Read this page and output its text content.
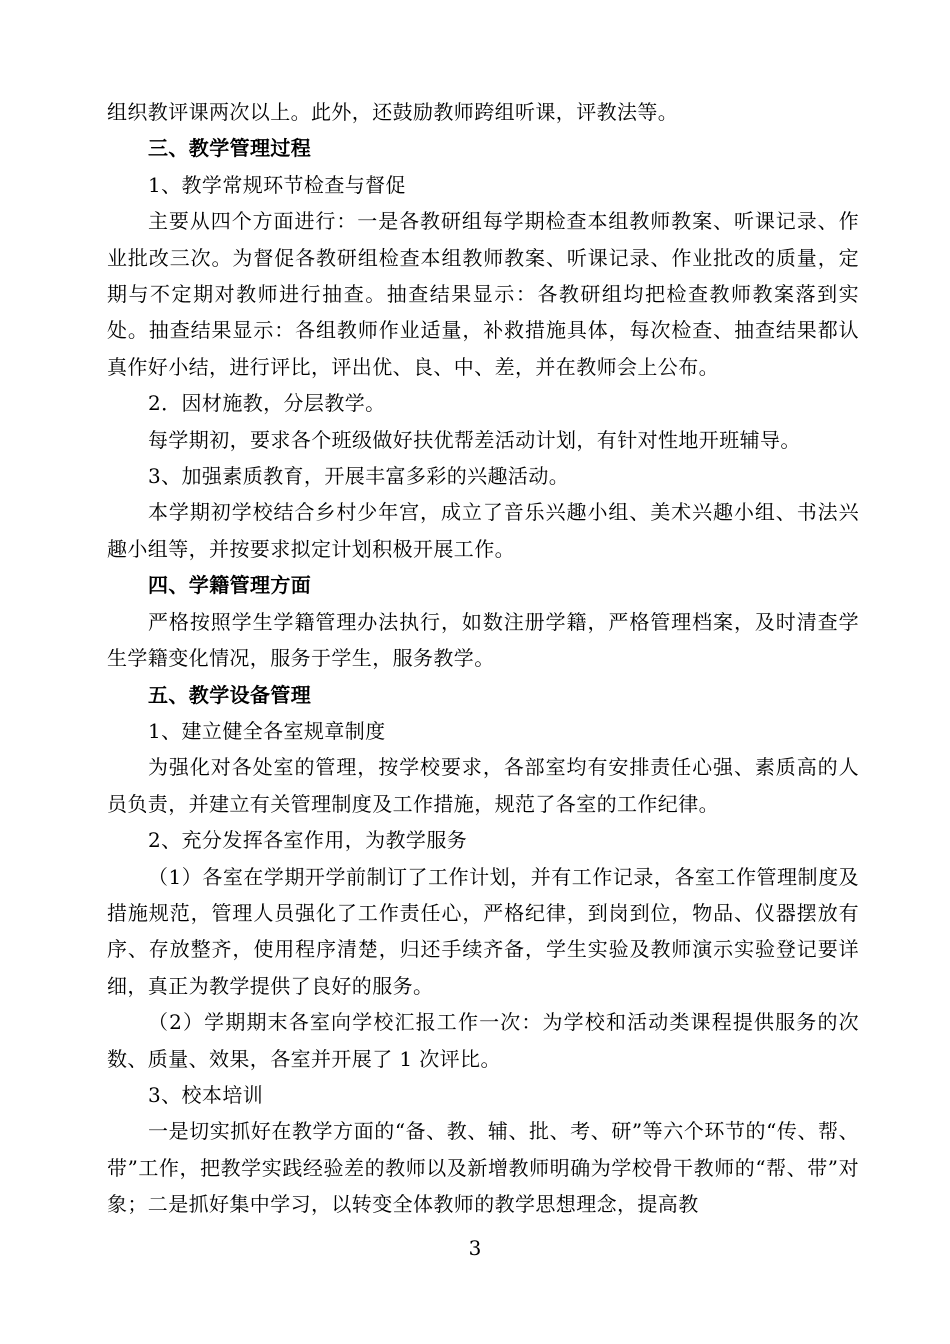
组织教评课两次以上。此外，还鼓励教师跨组听课，评教法等。

三、教学管理过程

1、教学常规环节检查与督促

主要从四个方面进行：一是各教研组每学期检查本组教师教案、听课记录、作业批改三次。为督促各教研组检查本组教师教案、听课记录、作业批改的质量，定期与不定期对教师进行抽查。抽查结果显示：各教研组均把检查教师教案落到实处。抽查结果显示：各组教师作业适量，补救措施具体，每次检查、抽查结果都认真作好小结，进行评比，评出优、良、中、差，并在教师会上公布。

2．因材施教，分层教学。

每学期初，要求各个班级做好扶优帮差活动计划，有针对性地开班辅导。

3、加强素质教育，开展丰富多彩的兴趣活动。

本学期初学校结合乡村少年宫，成立了音乐兴趣小组、美术兴趣小组、书法兴趣小组等，并按要求拟定计划积极开展工作。

四、学籍管理方面

严格按照学生学籍管理办法执行，如数注册学籍，严格管理档案，及时清查学生学籍变化情况，服务于学生，服务教学。

五、教学设备管理

1、建立健全各室规章制度

为强化对各处室的管理，按学校要求，各部室均有安排责任心强、素质高的人员负责，并建立有关管理制度及工作措施，规范了各室的工作纪律。

2、充分发挥各室作用，为教学服务

（1）各室在学期开学前制订了工作计划，并有工作记录，各室工作管理制度及措施规范，管理人员强化了工作责任心，严格纪律，到岗到位，物品、仪器摆放有序、存放整齐，使用程序清楚，归还手续齐备，学生实验及教师演示实验登记要详细，真正为教学提供了良好的服务。

（2）学期期末各室向学校汇报工作一次：为学校和活动类课程提供服务的次数、质量、效果，各室并开展了 1 次评比。

3、校本培训

一是切实抓好在教学方面的“备、教、辅、批、考、研”等六个环节的“传、帮、带”工作，把教学实践经验差的教师以及新增教师明确为学校骨干教师的“帮、带”对象；二是抓好集中学习，以转变全体教师的教学思想理念，提高教

3
